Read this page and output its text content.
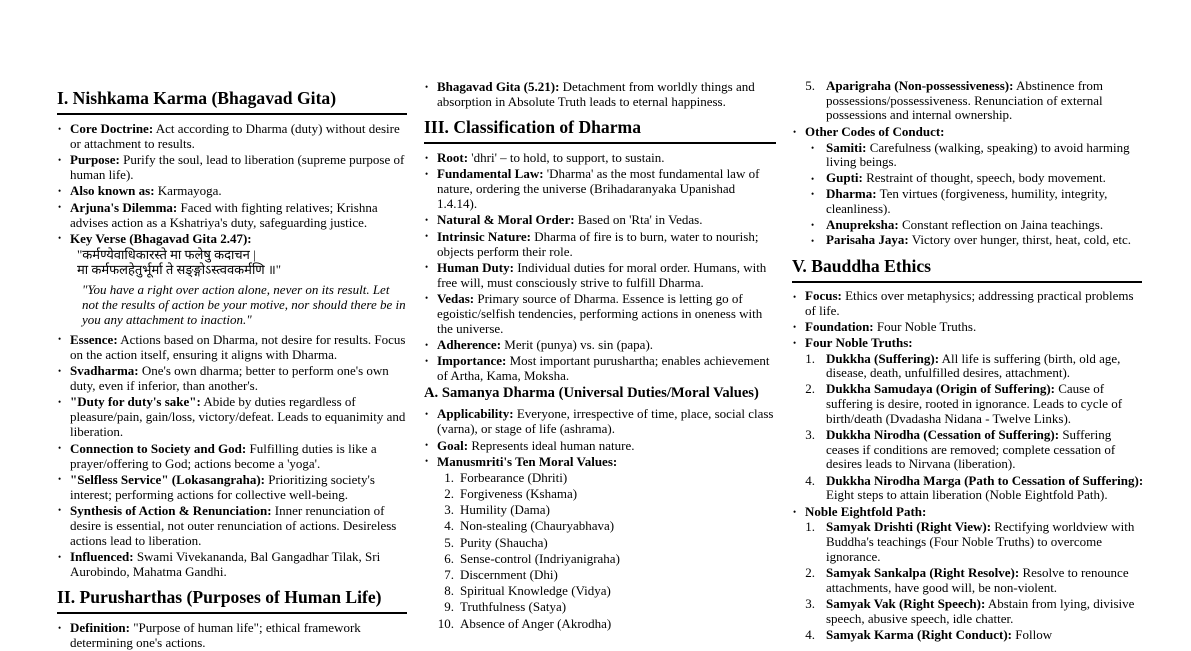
I. Nishkama Karma (Bhagavad Gita)
• Core Doctrine: Act according to Dharma (duty) without desire or attachment to results.
• Purpose: Purify the soul, lead to liberation (supreme purpose of human life).
• Also known as: Karmayoga.
• Arjuna's Dilemma: Faced with fighting relatives; Krishna advises action as a Kshatriya's duty, safeguarding justice.
• Key Verse (Bhagavad Gita 2.47):
"कर्मण्येवाधिकारस्ते मा फलेषु कदाचन |
मा कर्मफलहेतुर्भूर्मा ते सङ्ङ्गोऽस्त्ववकर्मणि ॥"
"You have a right over action alone, never on its result. Let not the results of action be your motive, nor should there be in you any attachment to inaction."
• Essence: Actions based on Dharma, not desire for results. Focus on the action itself, ensuring it aligns with Dharma.
• Svadharma: One's own dharma; better to perform one's own duty, even if inferior, than another's.
• "Duty for duty's sake": Abide by duties regardless of pleasure/pain, gain/loss, victory/defeat. Leads to equanimity and liberation.
• Connection to Society and God: Fulfilling duties is like a prayer/offering to God; actions become a 'yoga'.
• "Selfless Service" (Lokasangraha): Prioritizing society's interest; performing actions for collective well-being.
• Synthesis of Action & Renunciation: Inner renunciation of desire is essential, not outer renunciation of actions. Desireless actions lead to liberation.
• Influenced: Swami Vivekananda, Bal Gangadhar Tilak, Sri Aurobindo, Mahatma Gandhi.
II. Purusharthas (Purposes of Human Life)
• Definition: "Purpose of human life"; ethical framework determining one's actions.
• Bhagavad Gita (5.21): Detachment from worldly things and absorption in Absolute Truth leads to eternal happiness.
III. Classification of Dharma
• Root: 'dhri' – to hold, to support, to sustain.
• Fundamental Law: 'Dharma' as the most fundamental law of nature, ordering the universe (Brihadaranyaka Upanishad 1.4.14).
• Natural & Moral Order: Based on 'Rta' in Vedas.
• Intrinsic Nature: Dharma of fire is to burn, water to nourish; objects perform their role.
• Human Duty: Individual duties for moral order. Humans, with free will, must consciously strive to fulfill Dharma.
• Vedas: Primary source of Dharma. Essence is letting go of egoistic/selfish tendencies, performing actions in oneness with the universe.
• Adherence: Merit (punya) vs. sin (papa).
• Importance: Most important purushartha; enables achievement of Artha, Kama, Moksha.
A. Samanya Dharma (Universal Duties/Moral Values)
• Applicability: Everyone, irrespective of time, place, social class (varna), or stage of life (ashrama).
• Goal: Represents ideal human nature.
• Manusmriti's Ten Moral Values:
1. Forbearance (Dhriti)
2. Forgiveness (Kshama)
3. Humility (Dama)
4. Non-stealing (Chauryabhava)
5. Purity (Shaucha)
6. Sense-control (Indriyanigraha)
7. Discernment (Dhi)
8. Spiritual Knowledge (Vidya)
9. Truthfulness (Satya)
10. Absence of Anger (Akrodha)
5. Aparigraha (Non-possessiveness): Abstinence from possessions/possessiveness. Renunciation of external possessions and internal ownership.
• Other Codes of Conduct:
• Samiti: Carefulness (walking, speaking) to avoid harming living beings.
• Gupti: Restraint of thought, speech, body movement.
• Dharma: Ten virtues (forgiveness, humility, integrity, cleanliness).
• Anupreksha: Constant reflection on Jaina teachings.
• Parisaha Jaya: Victory over hunger, thirst, heat, cold, etc.
V. Bauddha Ethics
• Focus: Ethics over metaphysics; addressing practical problems of life.
• Foundation: Four Noble Truths.
• Four Noble Truths:
1. Dukkha (Suffering): All life is suffering (birth, old age, disease, death, unfulfilled desires, attachment).
2. Dukkha Samudaya (Origin of Suffering): Cause of suffering is desire, rooted in ignorance. Leads to cycle of birth/death (Dvadasha Nidana - Twelve Links).
3. Dukkha Nirodha (Cessation of Suffering): Suffering ceases if conditions are removed; complete cessation of desires leads to Nirvana (liberation).
4. Dukkha Nirodha Marga (Path to Cessation of Suffering): Eight steps to attain liberation (Noble Eightfold Path).
• Noble Eightfold Path:
1. Samyak Drishti (Right View): Rectifying worldview with Buddha's teachings (Four Noble Truths) to overcome ignorance.
2. Samyak Sankalpa (Right Resolve): Resolve to renounce attachments, have good will, be non-violent.
3. Samyak Vak (Right Speech): Abstain from lying, divisive speech, abusive speech, idle chatter.
4. Samyak Karma (Right Conduct): Follow
